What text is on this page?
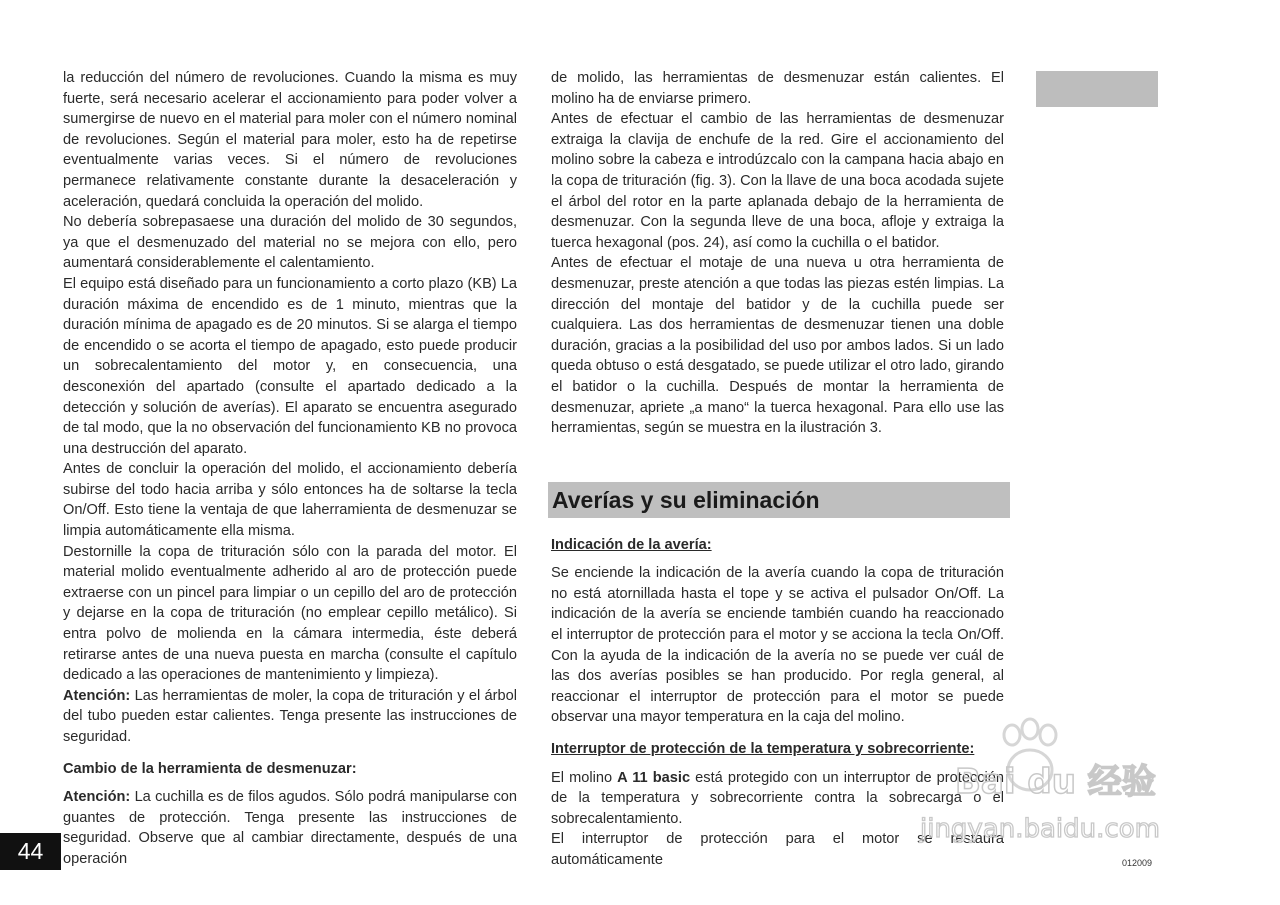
la reducción del número de revoluciones. Cuando la misma es muy fuerte, será necesario acelerar el accionamiento para poder volver a sumergirse de nuevo en el material para moler con el número nominal de revoluciones. Según el material para moler, esto ha de repetirse eventualmente varias veces. Si el número de revoluciones permanece relativamente constante durante la desaceleración y aceleración, quedará concluida la operación del molido.

No debería sobrepasaese una duración del molido de 30 segundos, ya que el desmenuzado del material no se mejora con ello, pero aumentará considerablemente el calentamiento.

El equipo está diseñado para un funcionamiento a corto plazo (KB) La duración máxima de encendido es de 1 minuto, mientras que la duración mínima de apagado es de 20 minutos. Si se alarga el tiempo de encendido o se acorta el tiempo de apagado, esto puede producir un sobrecalentamiento del motor y, en consecuencia, una desconexión del apartado (consulte el apartado dedicado a la detección y solución de averías). El aparato se encuentra asegurado de tal modo, que la no observación del funcionamiento KB no provoca una destrucción del aparato.

Antes de concluir la operación del molido, el accionamiento debería subirse del todo hacia arriba y sólo entonces ha de soltarse la tecla On/Off. Esto tiene la ventaja de que laherramienta de desmenuzar se limpia automáticamente ella misma.

Destornille la copa de trituración sólo con la parada del motor. El material molido eventualmente adherido al aro de protección puede extraerse con un pincel para limpiar o un cepillo del aro de protección y dejarse en la copa de trituración (no emplear cepillo metálico). Si entra polvo de molienda en la cámara intermedia, éste deberá retirarse antes de una nueva puesta en marcha (consulte el capítulo dedicado a las operaciones de mantenimiento y limpieza).

Atención: Las herramientas de moler, la copa de trituración y el árbol del tubo pueden estar calientes. Tenga presente las instrucciones de seguridad.

Cambio de la herramienta de desmenuzar:

Atención: La cuchilla es de filos agudos. Sólo podrá manipularse con guantes de protección. Tenga presente las instrucciones de seguridad. Observe que al cambiar directamente, después de una operación

de molido, las herramientas de desmenuzar están calientes. El molino ha de enviarse primero.

Antes de efectuar el cambio de las herramientas de desmenuzar extraiga la clavija de enchufe de la red. Gire el accionamiento del molino sobre la cabeza e introdúzcalo con la campana hacia abajo en la copa de trituración (fig. 3). Con la llave de una boca acodada sujete el árbol del rotor en la parte aplanada debajo de la herramienta de desmenuzar. Con la segunda lleve de una boca, afloje y extraiga la tuerca hexagonal (pos. 24), así como la cuchilla o el batidor.

Antes de efectuar el motaje de una nueva u otra herramienta de desmenuzar, preste atención a que todas las piezas estén limpias. La dirección del montaje del batidor y de la cuchilla puede ser cualquiera. Las dos herramientas de desmenuzar tienen una doble duración, gracias a la posibilidad del uso por ambos lados. Si un lado queda obtuso o está desgatado, se puede utilizar el otro lado, girando el batidor o la cuchilla. Después de montar la herramienta de desmenuzar, apriete „a mano“ la tuerca hexagonal. Para ello use las herramientas, según se muestra en la ilustración 3.

Averías y su eliminación

Indicación de la avería:

Se enciende la indicación de la avería cuando la copa de trituración no está atornillada hasta el tope y se activa el pulsador On/Off. La indicación de la avería se enciende también cuando ha reaccionado el interruptor de protección para el motor y se acciona la tecla On/Off. Con la ayuda de la indicación de la avería no se puede ver cuál de las dos averías posibles se han producido. Por regla general, al reaccionar el interruptor de protección para el motor se puede observar una mayor temperatura en la caja del molino.

Interruptor de protección de la temperatura y sobrecorriente:

El molino A 11 basic está protegido con un interruptor de protección de la temperatura y sobrecorriente contra la sobrecarga o el sobrecalentamiento.

El interruptor de protección para el motor se restaura automáticamente

44	012009
Bai du 经验
jingyan.baidu.com
